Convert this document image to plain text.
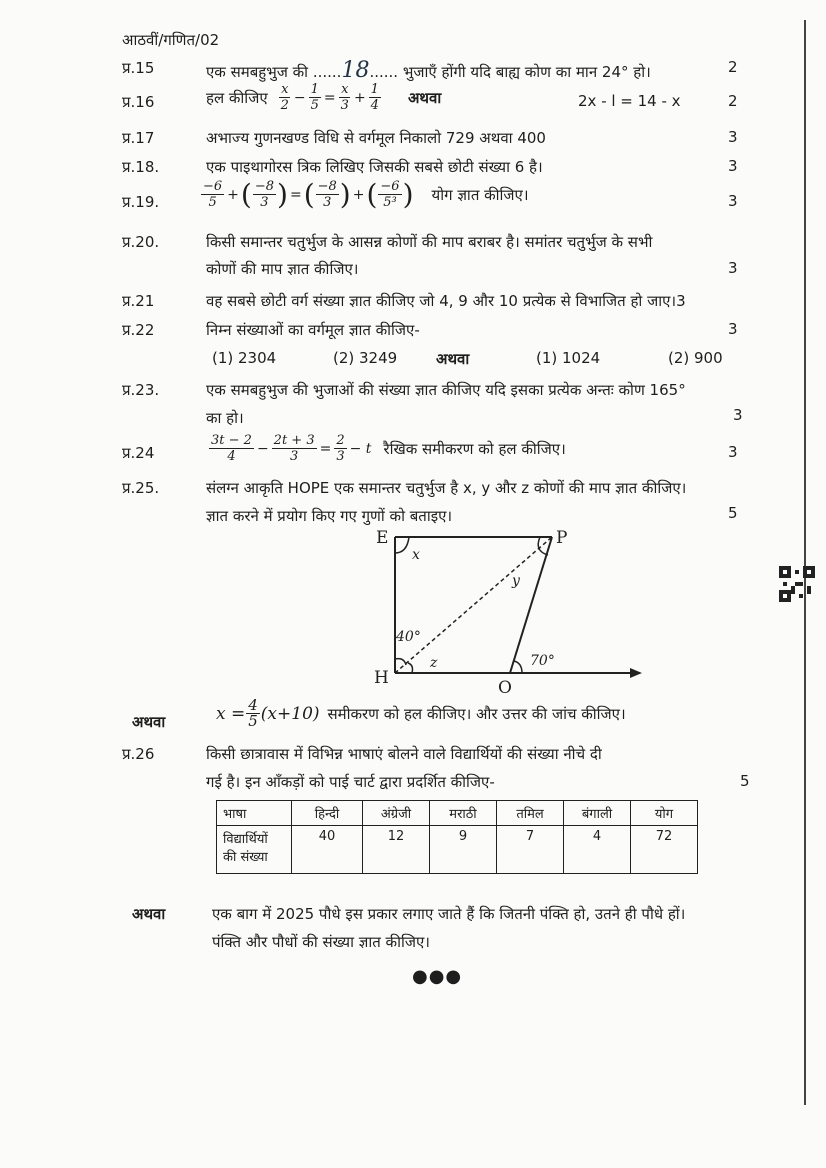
आठवीं/गणित/02
प्र.15	एक समबहुभुज की ......18...... भुजाएँ होंगी यदि बाह्य कोण का मान 24° हो।	2
प्र.16	हल कीजिए $\frac{x}{2} - \frac{1}{5} = \frac{x}{3} + \frac{1}{4}$ अथवा	2x - l = 14 - x	2
प्र.17	अभाज्य गुणनखण्ड विधि से वर्गमूल निकालो 729 अथवा 400	3
प्र.18.	एक पाइथागोरस त्रिक लिखिए जिसकी सबसे छोटी संख्या 6 है।	3
प्र.19.	$\frac{-6}{5}$ + ( $\frac{-8}{3}$ ) = ( $\frac{-8}{3}$ ) + ( $\frac{-6}{\text{5³}}$ ) योग ज्ञात कीजिए।	3
प्र.20.	किसी समान्तर चतुर्भुज के आसन्न कोणों की माप बराबर है। समांतर चतुर्भुज के सभी
कोणों की माप ज्ञात कीजिए।	3
प्र.21	वह सबसे छोटी वर्ग संख्या ज्ञात कीजिए जो 4, 9 और 10 प्रत्येक से विभाजित हो जाए।3
प्र.22	निम्न संख्याओं का वर्गमूल ज्ञात कीजिए-	3
(1) 2304	(2) 3249	अथवा	(1) 1024	(2) 900
प्र.23.	एक समबहुभुज की भुजाओं की संख्या ज्ञात कीजिए यदि इसका प्रत्येक अन्तः कोण 165°
का हो।	3
प्र.24	$\frac{3t - 2}{4} - \frac{2t + 3}{3} = \frac{2}{3} - t$ रैखिक समीकरण को हल कीजिए।	3
प्र.25.	संलग्न आकृति HOPE एक समान्तर चतुर्भुज है x, y और z कोणों की माप ज्ञात कीजिए।
ज्ञात करने में प्रयोग किए गए गुणों को बताइए।	5
E	P
H	O
x
y
z
40°
70°
अथवा	$x = \frac{4}{5} (x+10)$ समीकरण को हल कीजिए। और उत्तर की जांच कीजिए।
प्र.26	किसी छात्रावास में विभिन्न भाषाएं बोलने वाले विद्यार्थियों की संख्या नीचे दी
गई है। इन आँकड़ों को पाई चार्ट द्वारा प्रदर्शित कीजिए-	5
भाषा	हिन्दी	अंग्रेजी	मराठी	तमिल	बंगाली	योग
विद्यार्थियों
की संख्या	40	12	9	7	4	72
अथवा	एक बाग में 2025 पौधे इस प्रकार लगाए जाते हैं कि जितनी पंक्ति हो, उतने ही पौधे हों।
पंक्ति और पौधों की संख्या ज्ञात कीजिए।
●●●
